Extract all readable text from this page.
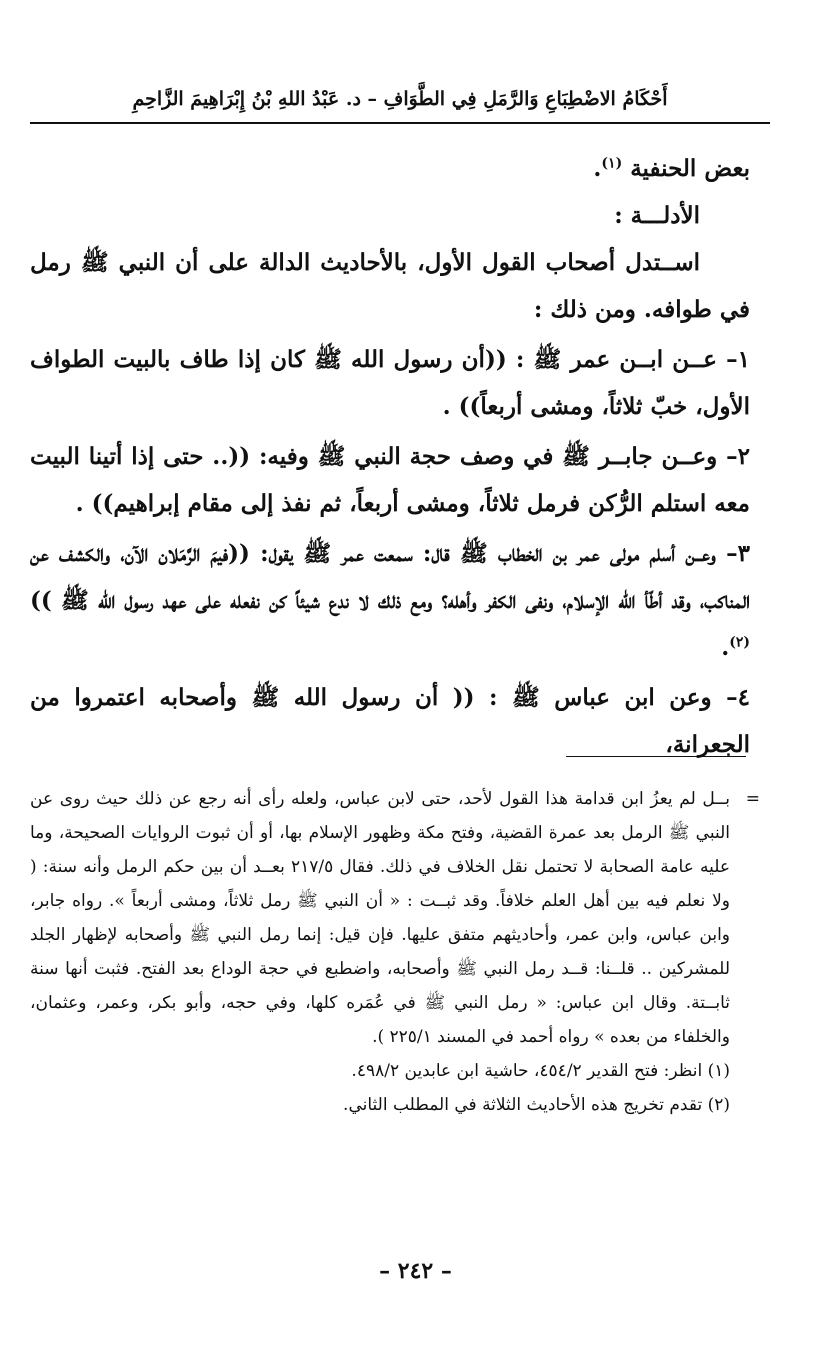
أَحْكَامُ الاضْطِبَاعِ وَالرَّمَلِ فِي الطَّوَافِ – د. عَبْدُ اللهِ بْنُ إِبْرَاهِيمَ الزَّاحِمِ

بعض الحنفية $^{(١)}$.

الأدلـــة :

اســتدل أصحاب القول الأول، بالأحاديث الدالة على أن النبي ﷺ رمل في طوافه. ومن ذلك :

١– عــن ابــن عمر ﷺ : ((أن رسول الله ﷺ كان إذا طاف بالبيت الطواف الأول، خبّ ثلاثاً، ومشى أربعاً)) .

٢– وعــن جابــر ﷺ في وصف حجة النبي ﷺ وفيه: ((.. حتى إذا أتينا البيت معه استلم الرُّكن فرمل ثلاثاً، ومشى أربعاً، ثم نفذ إلى مقام إبراهيم)) .

٣– وعــن أسلم مولى عمر بن الخطاب ﷺ قال: سمعت عمر ﷺ يقول: ((فيمَ الرَّمَلان الآن، والكشف عن المناكب، وقد أطّأ الله الإسلام، ونفى الكفر وأهله؟ ومع ذلك لا ندع شيئاً كن نفعله على عهد رسول الله ﷺ ))$^{(٢)}$.

٤– وعن ابن عباس ﷺ : (( أن رسول الله ﷺ وأصحابه اعتمروا من الجعرانة،

=
بــل لم يعزُ ابن قدامة هذا القول لأحد، حتى لابن عباس، ولعله رأى أنه رجع عن ذلك حيث روى عن النبي ﷺ الرمل بعد عمرة القضية، وفتح مكة وظهور الإسلام بها، أو أن ثبوت الروايات الصحيحة، وما عليه عامة الصحابة لا تحتمل نقل الخلاف في ذلك. فقال ٢١٧/٥ بعــد أن بين حكم الرمل وأنه سنة: ( ولا نعلم فيه بين أهل العلم خلافاً. وقد ثبــت : « أن النبي ﷺ رمل ثلاثاً، ومشى أربعاً ». رواه جابر، وابن عباس، وابن عمر، وأحاديثهم متفق عليها. فإن قيل: إنما رمل النبي ﷺ وأصحابه لإظهار الجلد للمشركين .. قلــنا: قــد رمل النبي ﷺ وأصحابه، واضطبع في حجة الوداع بعد الفتح. فثبت أنها سنة ثابــتة. وقال ابن عباس: « رمل النبي ﷺ في عُمَره كلها، وفي حجه، وأبو بكر، وعمر، وعثمان، والخلفاء من بعده » رواه أحمد في المسند ٢٢٥/١ ).

(١) انظر: فتح القدير ٤٥٤/٢، حاشية ابن عابدين ٤٩٨/٢.

(٢) تقدم تخريج هذه الأحاديث الثلاثة في المطلب الثاني.

– ٢٤٢ –
